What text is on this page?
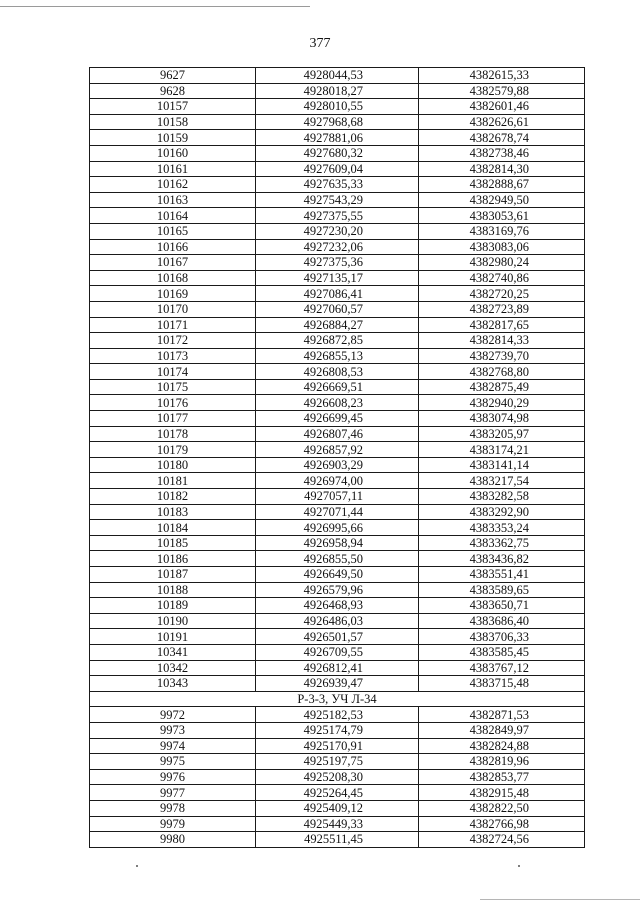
377
9627	4928044,53	4382615,33
9628	4928018,27	4382579,88
10157	4928010,55	4382601,46
10158	4927968,68	4382626,61
10159	4927881,06	4382678,74
10160	4927680,32	4382738,46
10161	4927609,04	4382814,30
10162	4927635,33	4382888,67
10163	4927543,29	4382949,50
10164	4927375,55	4383053,61
10165	4927230,20	4383169,76
10166	4927232,06	4383083,06
10167	4927375,36	4382980,24
10168	4927135,17	4382740,86
10169	4927086,41	4382720,25
10170	4927060,57	4382723,89
10171	4926884,27	4382817,65
10172	4926872,85	4382814,33
10173	4926855,13	4382739,70
10174	4926808,53	4382768,80
10175	4926669,51	4382875,49
10176	4926608,23	4382940,29
10177	4926699,45	4383074,98
10178	4926807,46	4383205,97
10179	4926857,92	4383174,21
10180	4926903,29	4383141,14
10181	4926974,00	4383217,54
10182	4927057,11	4383282,58
10183	4927071,44	4383292,90
10184	4926995,66	4383353,24
10185	4926958,94	4383362,75
10186	4926855,50	4383436,82
10187	4926649,50	4383551,41
10188	4926579,96	4383589,65
10189	4926468,93	4383650,71
10190	4926486,03	4383686,40
10191	4926501,57	4383706,33
10341	4926709,55	4383585,45
10342	4926812,41	4383767,12
10343	4926939,47	4383715,48
Р-3-3, УЧ Л-34		
9972	4925182,53	4382871,53
9973	4925174,79	4382849,97
9974	4925170,91	4382824,88
9975	4925197,75	4382819,96
9976	4925208,30	4382853,77
9977	4925264,45	4382915,48
9978	4925409,12	4382822,50
9979	4925449,33	4382766,98
9980	4925511,45	4382724,56
